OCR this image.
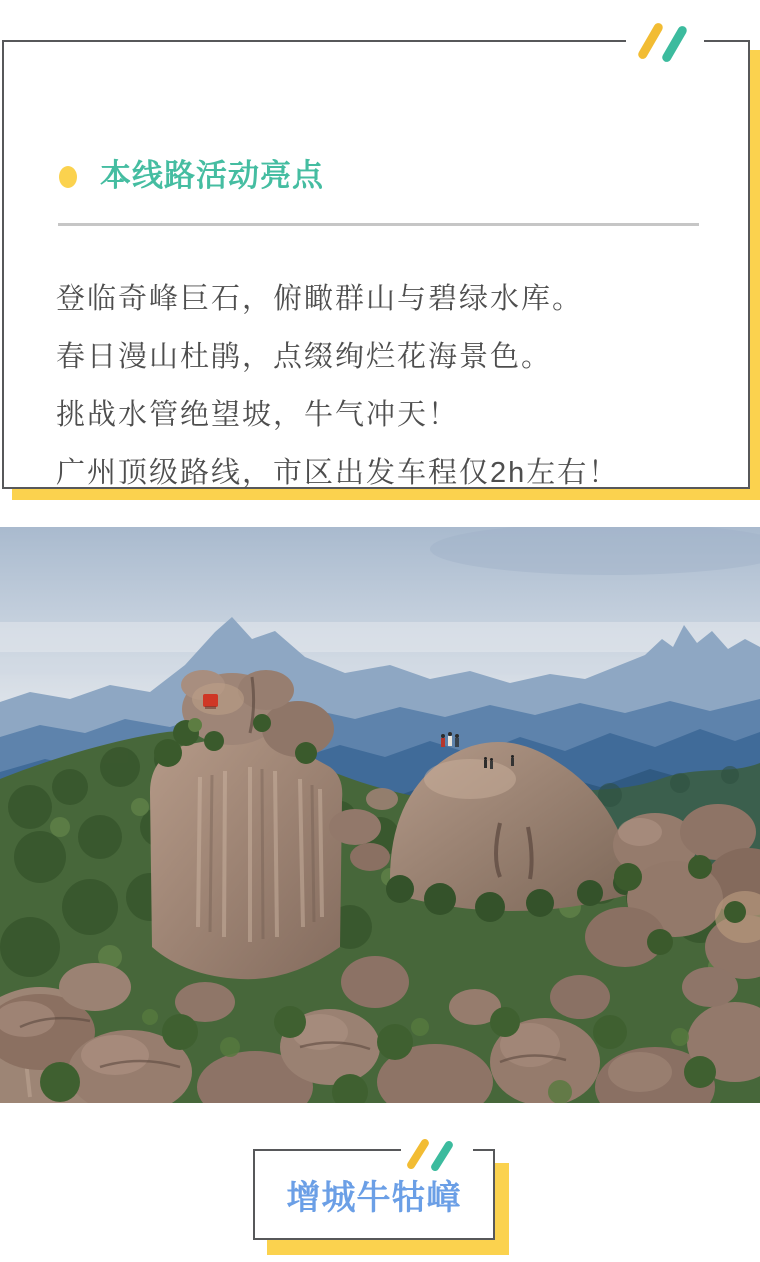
本线路活动亮点

登临奇峰巨石，俯瞰群山与碧绿水库。

春日漫山杜鹃，点缀绚烂花海景色。

挑战水管绝望坡，牛气冲天！

广州顶级路线，市区出发车程仅2h左右！

增城牛牯嶂
